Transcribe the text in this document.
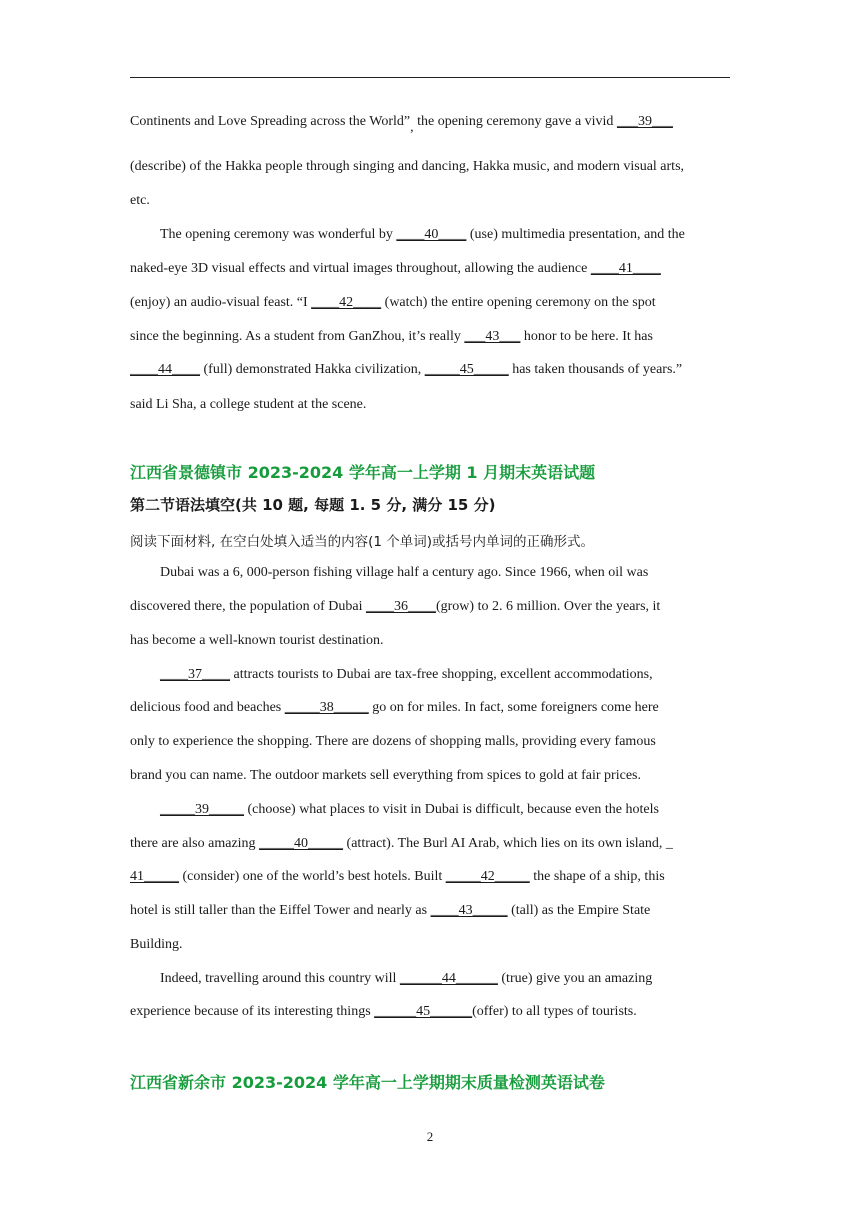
Continents and Love Spreading across the World”, the opening ceremony gave a vivid ___39___
(describe) of the Hakka people through singing and dancing, Hakka music, and modern visual arts,
etc.
The opening ceremony was wonderful by ____40____ (use) multimedia presentation, and the
naked-eye 3D visual effects and virtual images throughout, allowing the audience ____41____
(enjoy) an audio-visual feast. “I ____42____ (watch) the entire opening ceremony on the spot
since the beginning. As a student from GanZhou, it’s really ___43___ honor to be here. It has
____44____ (full) demonstrated Hakka civilization, _____45_____ has taken thousands of years.”
said Li Sha, a college student at the scene.
江西省景德镇市 2023-2024 学年高一上学期 1 月期末英语试题
第二节语法填空(共 10 题, 每题 1. 5 分, 满分 15 分)
阅读下面材料, 在空白处填入适当的内容(1 个单词)或括号内单词的正确形式。
Dubai was a 6, 000-person fishing village half a century ago. Since 1966, when oil was
discovered there, the population of Dubai ____36____(grow) to 2. 6 million. Over the years, it
has become a well-known tourist destination.
____37____ attracts tourists to Dubai are tax-free shopping, excellent accommodations,
delicious food and beaches _____38_____ go on for miles. In fact, some foreigners come here
only to experience the shopping. There are dozens of shopping malls, providing every famous
brand you can name. The outdoor markets sell everything from spices to gold at fair prices.
_____39_____ (choose) what places to visit in Dubai is difficult, because even the hotels
there are also amazing _____40_____ (attract). The Burl AI Arab, which lies on its own island, _
41_____ (consider) one of the world’s best hotels. Built _____42_____ the shape of a ship, this
hotel is still taller than the Eiffel Tower and nearly as ____43_____ (tall) as the Empire State
Building.
Indeed, travelling around this country will ______44______ (true) give you an amazing
experience because of its interesting things ______45______(offer) to all types of tourists.
江西省新余市 2023-2024 学年高一上学期期末质量检测英语试卷
2
